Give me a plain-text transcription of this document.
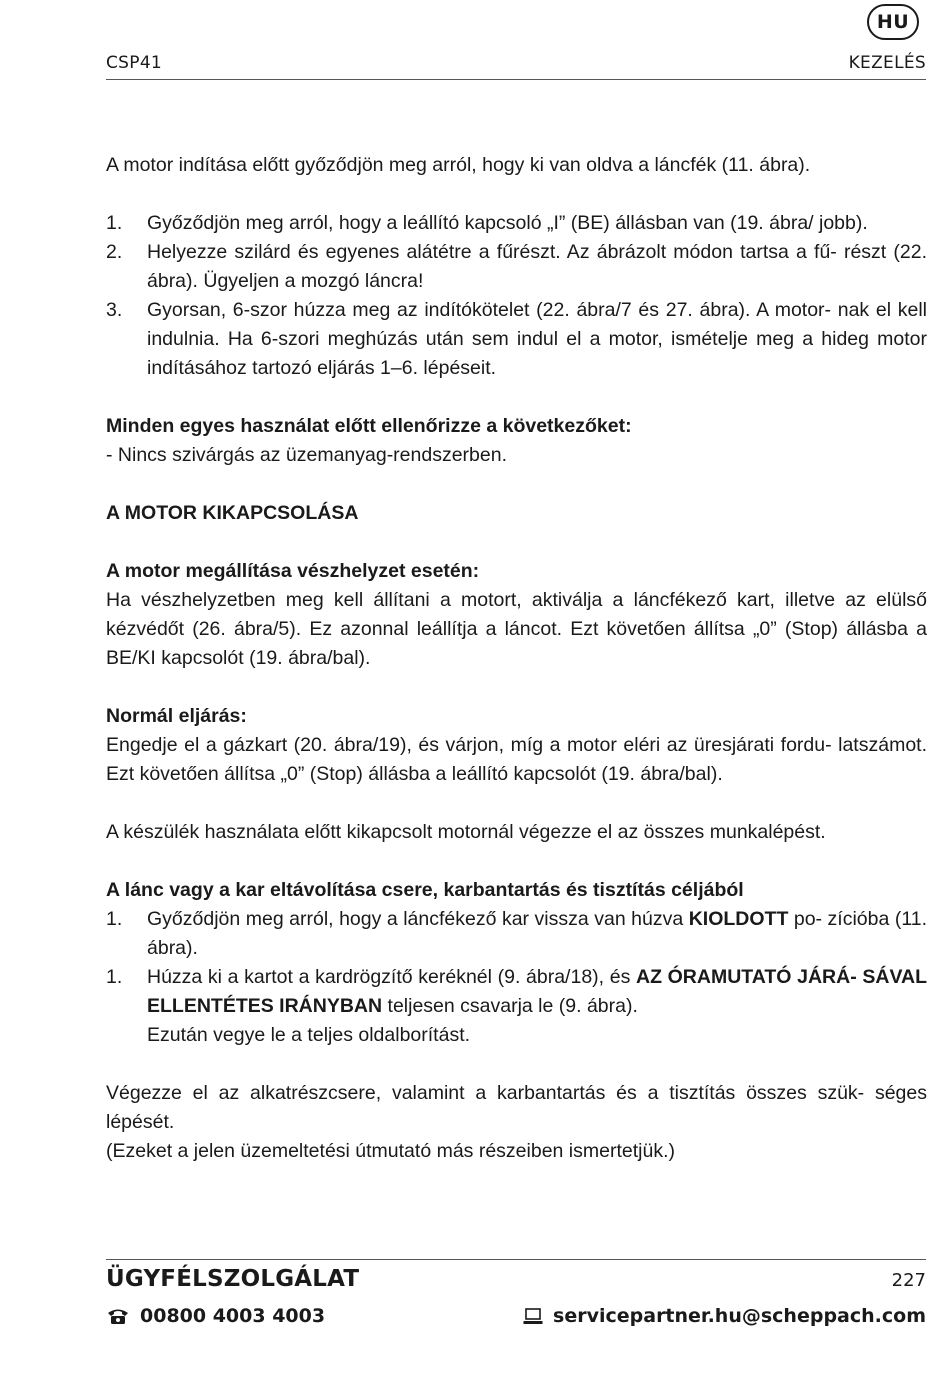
HU
CSP41	KEZELÉS

A motor indítása előtt győződjön meg arról, hogy ki van oldva a láncfék (11. ábra).

1. Győződjön meg arról, hogy a leállító kapcsoló „I” (BE) állásban van (19. ábra/ jobb).
2. Helyezze szilárd és egyenes alátétre a fűrészt. Az ábrázolt módon tartsa a fű- részt (22. ábra). Ügyeljen a mozgó láncra!
3. Gyorsan, 6-szor húzza meg az indítókötelet (22. ábra/7 és 27. ábra). A motor- nak el kell indulnia. Ha 6-szori meghúzás után sem indul el a motor, ismételje meg a hideg motor indításához tartozó eljárás 1–6. lépéseit.

Minden egyes használat előtt ellenőrizze a következőket:

- Nincs szivárgás az üzemanyag-rendszerben.

A MOTOR KIKAPCSOLÁSA

A motor megállítása vészhelyzet esetén:

Ha vészhelyzetben meg kell állítani a motort, aktiválja a láncfékező kart, illetve az elülső kézvédőt (26. ábra/5). Ez azonnal leállítja a láncot. Ezt követően állítsa „0” (Stop) állásba a BE/KI kapcsolót (19. ábra/bal).

Normál eljárás:

Engedje el a gázkart (20. ábra/19), és várjon, míg a motor eléri az üresjárati fordu- latszámot. Ezt követően állítsa „0” (Stop) állásba a leállító kapcsolót (19. ábra/bal).

A készülék használata előtt kikapcsolt motornál végezze el az összes munkalépést.

A lánc vagy a kar eltávolítása csere, karbantartás és tisztítás céljából

1. Győződjön meg arról, hogy a láncfékező kar vissza van húzva KIOLDOTT po- zícióba (11. ábra).
1. Húzza ki a kartot a kardrögzítő keréknél (9. ábra/18), és AZ ÓRAMUTATÓ JÁRÁ- SÁVAL ELLENTÉTES IRÁNYBAN teljesen csavarja le (9. ábra).
Ezután vegye le a teljes oldalborítást.

Végezze el az alkatrészcsere, valamint a karbantartás és a tisztítás összes szük- séges lépését.

(Ezeket a jelen üzemeltetési útmutató más részeiben ismertetjük.)

ÜGYFÉLSZOLGÁLAT	227
00800 4003 4003	servicepartner.hu@scheppach.com
